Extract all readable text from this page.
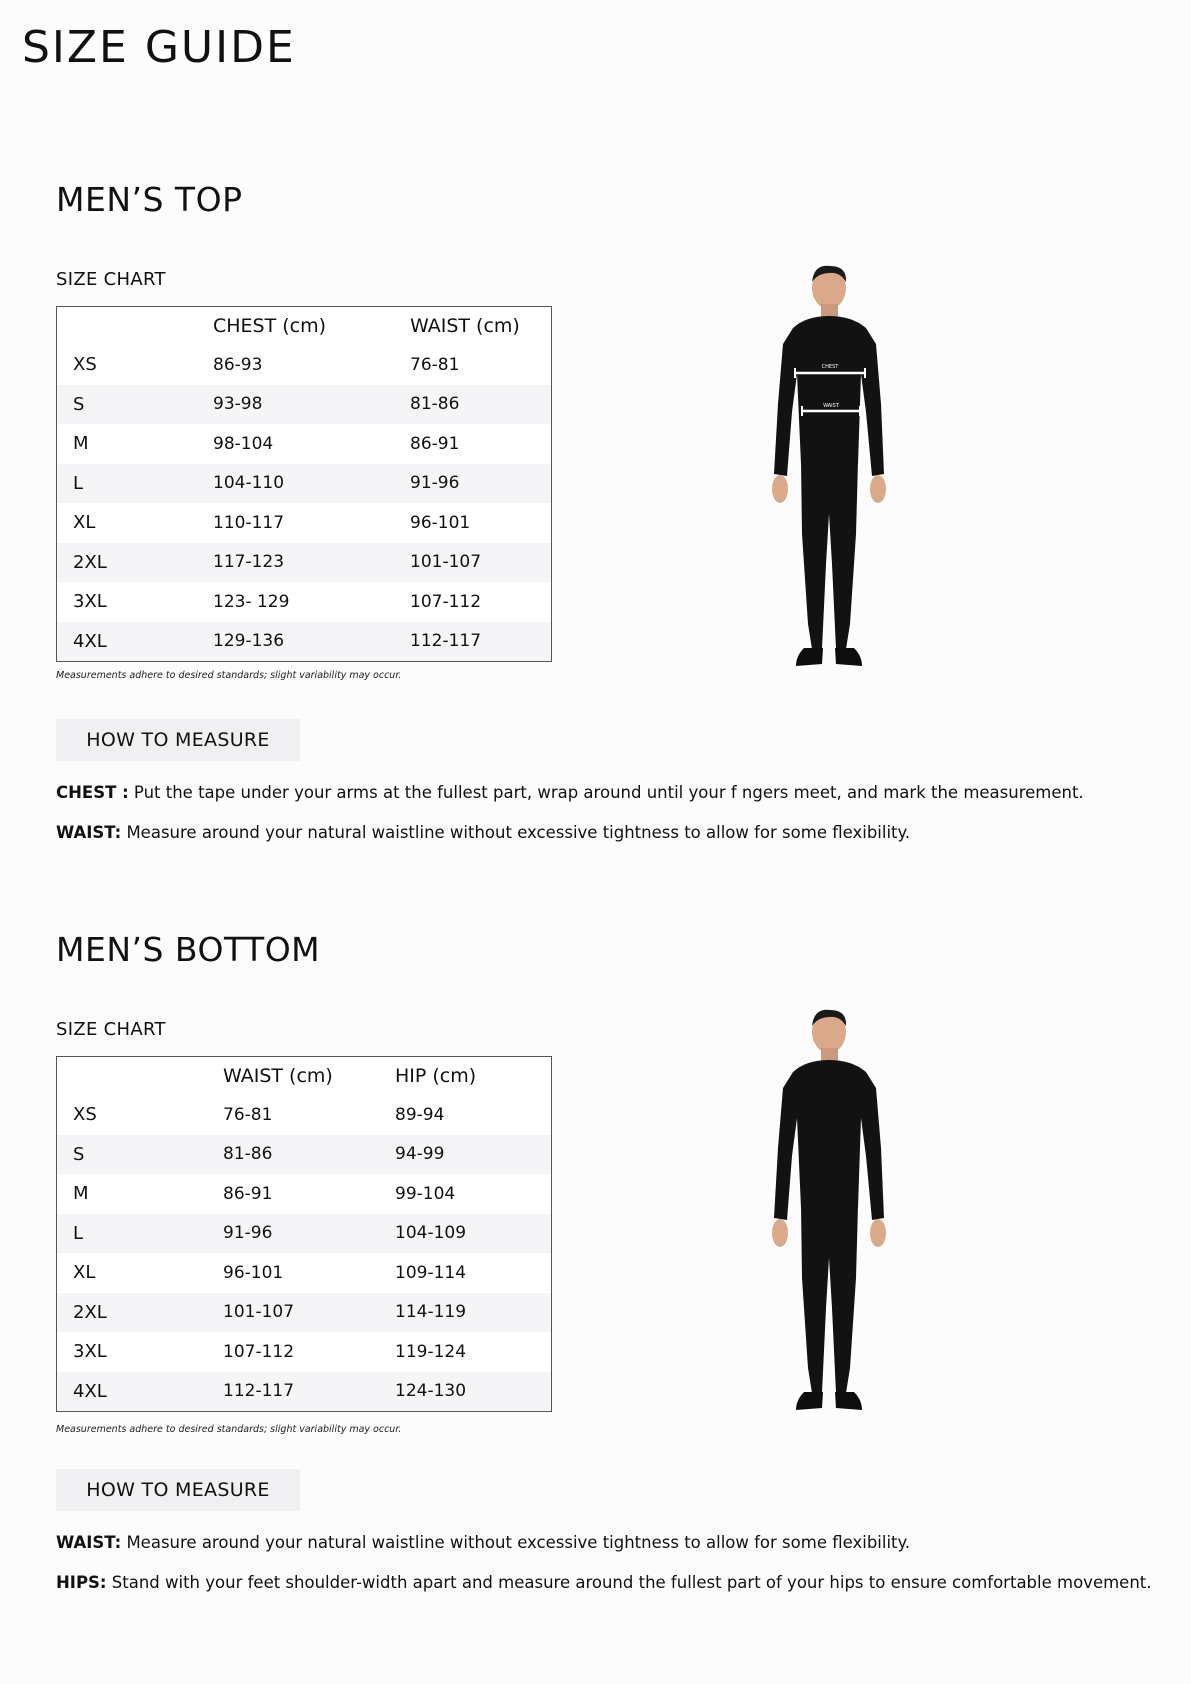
SIZE GUIDE
MEN’S TOP
SIZE CHART
	CHEST (cm)	WAIST (cm)
XS	86-93	76-81
S	93-98	81-86
M	98-104	86-91
L	104-110	91-96
XL	110-117	96-101
2XL	117-123	101-107
3XL	123- 129	107-112
4XL	129-136	112-117
Measurements adhere to desired standards; slight variability may occur.
HOW TO MEASURE
CHEST : Put the tape under your arms at the fullest part, wrap around until your f ngers meet, and mark the measurement.
WAIST: Measure around your natural waistline without excessive tightness to allow for some flexibility.
CHEST
WAIST
MEN’S BOTTOM
SIZE CHART
	WAIST (cm)	HIP (cm)
XS	76-81	89-94
S	81-86	94-99
M	86-91	99-104
L	91-96	104-109
XL	96-101	109-114
2XL	101-107	114-119
3XL	107-112	119-124
4XL	112-117	124-130
Measurements adhere to desired standards; slight variability may occur.
HOW TO MEASURE
WAIST: Measure around your natural waistline without excessive tightness to allow for some flexibility.
HIPS: Stand with your feet shoulder-width apart and measure around the fullest part of your hips to ensure comfortable movement.
